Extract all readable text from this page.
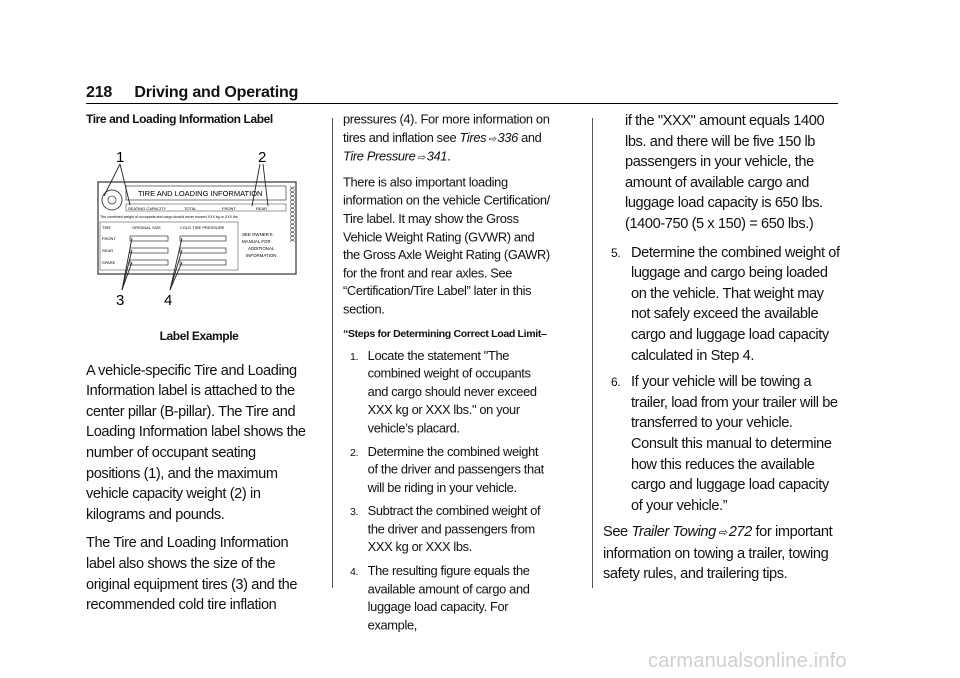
218 Driving and Operating
Tire and Loading Information Label
1	2
3	4
TIRE AND LOADING INFORMATION
SEATING CAPACITY	TOTAL	FRONT	REAR
The combined weight of occupants and cargo should never exceed XXX kg or XXX lbs
TIRE	ORIGINAL SIZE	COLD TIRE PRESSURE
FRONT
REAR
SPARE
SEE OWNER'S
MANUAL FOR
ADDITIONAL
INFORMATION
XXXXXXXXXXXXXX
Label Example

A vehicle-specific Tire and Loading Information label is attached to the center pillar (B-pillar). The Tire and Loading Information label shows the number of occupant seating positions (1), and the maximum vehicle capacity weight (2) in kilograms and pounds.

The Tire and Loading Information label also shows the size of the original equipment tires (3) and the recommended cold tire inflation

pressures (4). For more information on tires and inflation see Tires ⇨ 336 and Tire Pressure ⇨ 341.

There is also important loading information on the vehicle Certification/ Tire label. It may show the Gross Vehicle Weight Rating (GVWR) and the Gross Axle Weight Rating (GAWR) for the front and rear axles. See “Certification/Tire Label” later in this section.

“Steps for Determining Correct Load Limit–
1. Locate the statement "The combined weight of occupants and cargo should never exceed XXX kg or XXX lbs." on your vehicle’s placard.
2. Determine the combined weight of the driver and passengers that will be riding in your vehicle.
3. Subtract the combined weight of the driver and passengers from XXX kg or XXX lbs.
4. The resulting figure equals the available amount of cargo and luggage load capacity. For example,

if the "XXX" amount equals 1400 lbs. and there will be five 150 lb passengers in your vehicle, the amount of available cargo and luggage load capacity is 650 lbs. (1400-750 (5 x 150) = 650 lbs.)

5. Determine the combined weight of luggage and cargo being loaded on the vehicle. That weight may not safely exceed the available cargo and luggage load capacity calculated in Step 4.
6. If your vehicle will be towing a trailer, load from your trailer will be transferred to your vehicle. Consult this manual to determine how this reduces the available cargo and luggage load capacity of your vehicle.”

See Trailer Towing ⇨ 272 for important information on towing a trailer, towing safety rules, and trailering tips.

carmanualsonline.info
